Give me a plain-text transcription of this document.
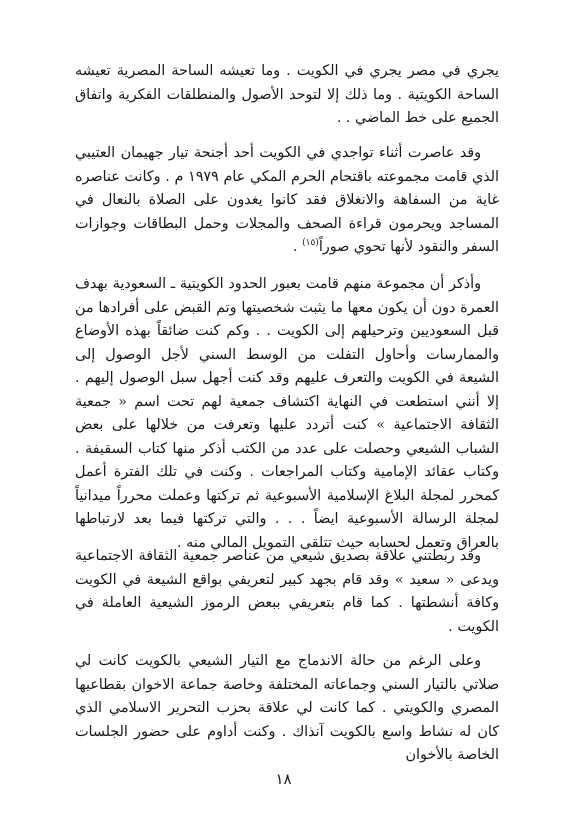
يجري في مصر يجري في الكويت . وما تعيشه الساحة المصرية تعيشه الساحة الكويتية . وما ذلك إلا لتوحد الأصول والمنطلقات الفكرية واتفاق الجميع على خط الماضي . .

وقد عاصرت أثناء تواجدي في الكويت أحد أجنحة تيار جهيمان العتيبي الذي قامت مجموعته باقتحام الحرم المكي عام ١٩٧٩ م . وكانت عناصره غاية من السفاهة والانغلاق فقد كانوا يغدون على الصلاة بالنعال في المساجد ويحرمون قراءة الصحف والمجلات وحمل البطاقات وجوازات السفر والنقود لأنها تحوي صوراً$^{(١٥)}$ .

وأذكر أن مجموعة منهم قامت بعبور الحدود الكويتية ـ السعودية بهدف العمرة دون أن يكون معها ما يثبت شخصيتها وتم القبض على أفرادها من قبل السعوديين وترحيلهم إلى الكويت . . وكم كنت ضائقاً بهذه الأوضاع والممارسات وأحاول التفلت من الوسط السني لأجل الوصول إلى الشيعة في الكويت والتعرف عليهم وقد كنت أجهل سبل الوصول إليهم . إلا أنني استطعت في النهاية اكتشاف جمعية لهم تحت اسم « جمعية الثقافة الاجتماعية » كنت أتردد عليها وتعرفت من خلالها على بعض الشباب الشيعي وحصلت على عدد من الكتب أذكر منها كتاب السقيفة . وكتاب عقائد الإمامية وكتاب المراجعات . وكنت في تلك الفترة أعمل كمحرر لمجلة البلاغ الإسلامية الأسبوعية ثم تركتها وعملت محرراً ميدانياً لمجلة الرسالة الأسبوعية ايضاً . . . والتي تركتها فيما بعد لارتباطها بالعراق وتعمل لحسابه حيث تتلقى التمويل المالي منه .

وقد ربطتني علاقة بصديق شيعي من عناصر جمعية الثقافة الاجتماعية ويدعى « سعيد » وقد قام بجهد كبير لتعريفي بواقع الشيعة في الكويت وكافة أنشطتها . كما قام بتعريفي ببعض الرموز الشيعية العاملة في الكويت .

وعلى الرغم من حالة الاندماج مع التيار الشيعي بالكويت كانت لي صلاتي بالتيار السني وجماعاته المختلفة وخاصة جماعة الاخوان بقطاعيها المصري والكويتي . كما كانت لي علاقة بحزب التحرير الاسلامي الذي كان له نشاط واسع بالكويت آنذاك . وكنت أداوم على حضور الجلسات الخاصة بالأخوان

١٨
